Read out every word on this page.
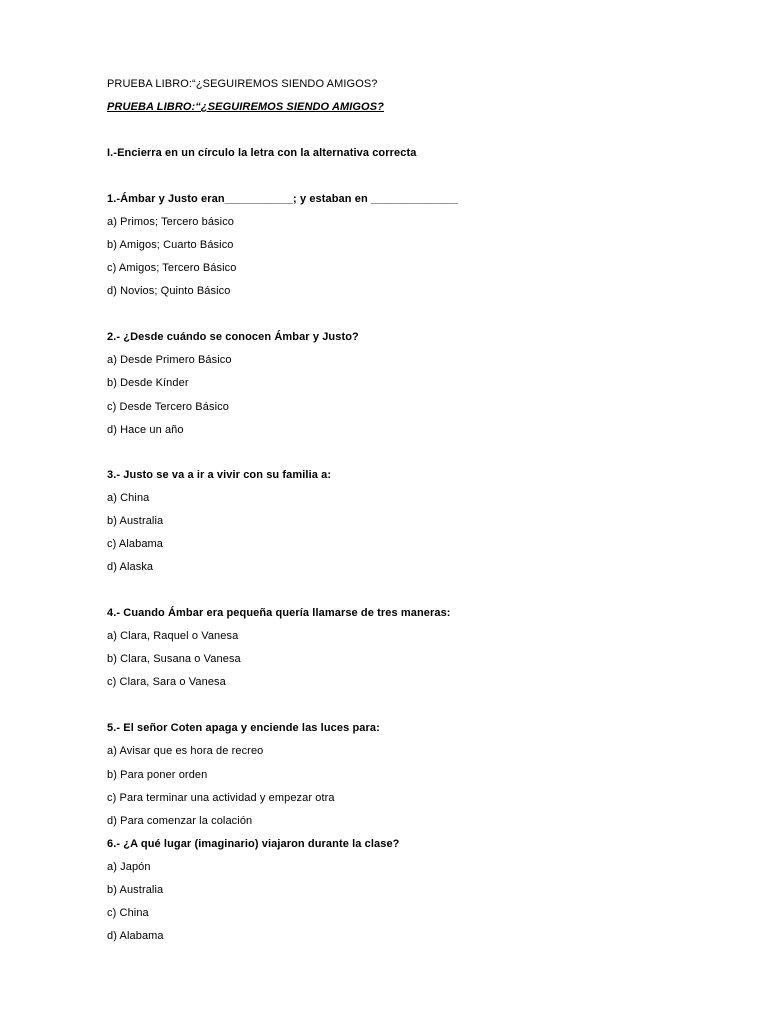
PRUEBA LIBRO:“¿SEGUIREMOS SIENDO AMIGOS?
PRUEBA LIBRO:“¿SEGUIREMOS SIENDO AMIGOS?
I.-Encierra en un círculo la letra con la alternativa correcta
1.-Ámbar y Justo eran___________; y estaban en ______________
a) Primos; Tercero básico
b) Amigos; Cuarto Básico
c) Amigos; Tercero Básico
d) Novios; Quinto Básico
2.- ¿Desde cuándo se conocen Ámbar y Justo?
a) Desde Primero Básico
b) Desde Kínder
c) Desde Tercero Básico
d) Hace un año
3.- Justo se va a ir a vivir con su familia a:
a) China
b) Australia
c) Alabama
d) Alaska
4.- Cuando Ámbar era pequeña quería llamarse de tres maneras:
a) Clara, Raquel o Vanesa
b) Clara, Susana o Vanesa
c) Clara, Sara o Vanesa
5.- El señor Coten apaga y enciende las luces para:
a) Avisar que es hora de recreo
b) Para poner orden
c) Para terminar una actividad y empezar otra
d) Para comenzar la colación
6.- ¿A qué lugar (imaginario) viajaron durante la clase?
a) Japón
b) Australia
c) China
d) Alabama
